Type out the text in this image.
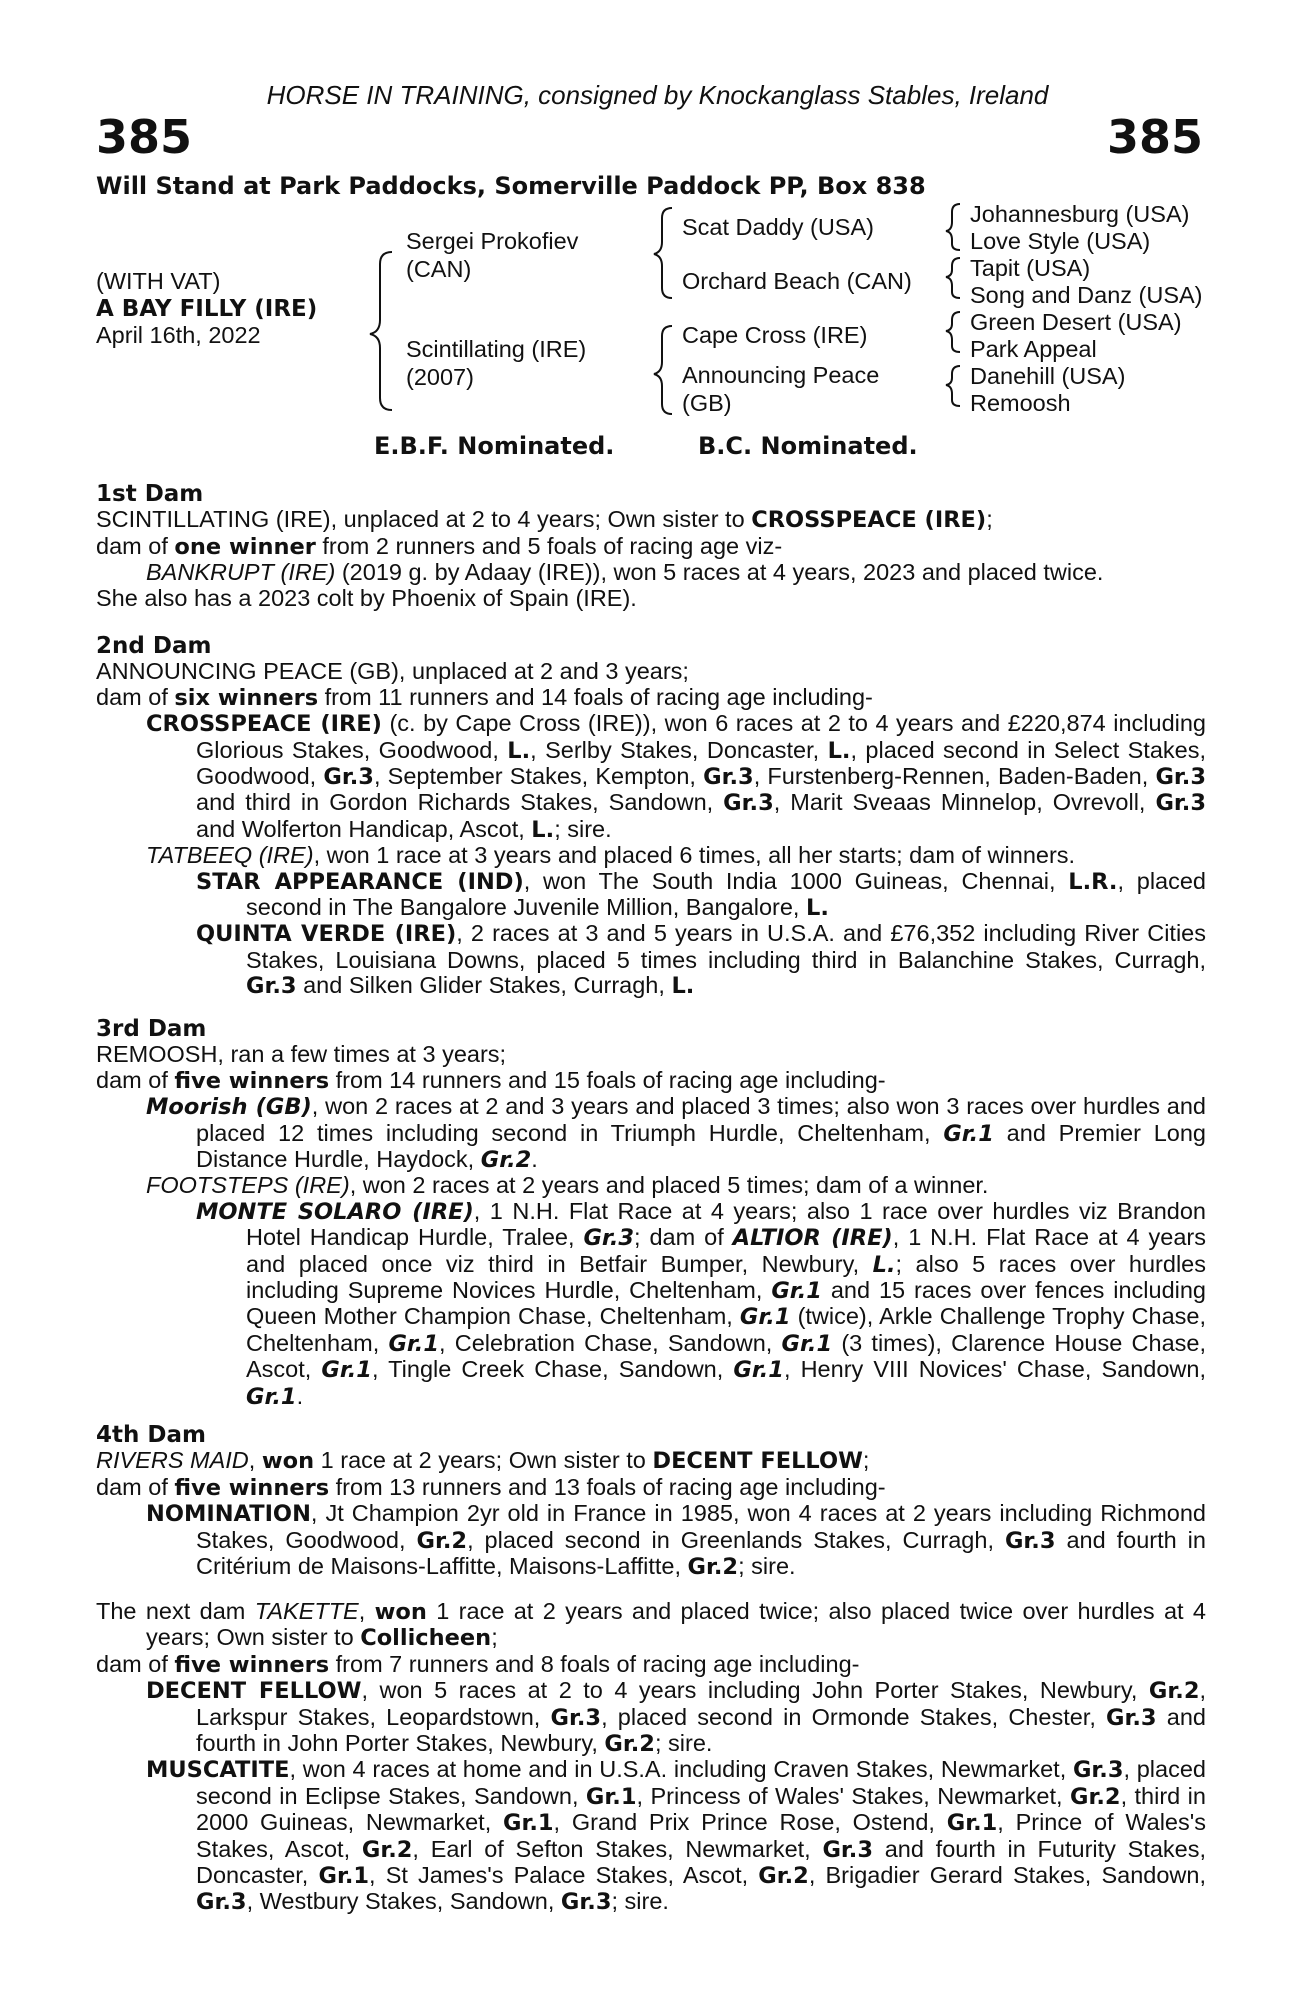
HORSE IN TRAINING, consigned by Knockanglass Stables, Ireland
385	385
Will Stand at Park Paddocks, Somerville Paddock PP, Box 838
(WITH VAT)
A BAY FILLY (IRE)
April 16th, 2022
Sergei Prokofiev
(CAN)
Scintillating (IRE)
(2007)
Scat Daddy (USA)
Orchard Beach (CAN)
Cape Cross (IRE)
Announcing Peace
(GB)
Johannesburg (USA)
Love Style (USA)
Tapit (USA)
Song and Danz (USA)
Green Desert (USA)
Park Appeal
Danehill (USA)
Remoosh
E.B.F. Nominated.	B.C. Nominated.

1st Dam

SCINTILLATING (IRE), unplaced at 2 to 4 years; Own sister to CROSSPEACE (IRE);

dam of one winner from 2 runners and 5 foals of racing age viz-

BANKRUPT (IRE) (2019 g. by Adaay (IRE)), won 5 races at 4 years, 2023 and placed twice.

She also has a 2023 colt by Phoenix of Spain (IRE).

2nd Dam

ANNOUNCING PEACE (GB), unplaced at 2 and 3 years;

dam of six winners from 11 runners and 14 foals of racing age including-

CROSSPEACE (IRE) (c. by Cape Cross (IRE)), won 6 races at 2 to 4 years and £220,874 including Glorious Stakes, Goodwood, L., Serlby Stakes, Doncaster, L., placed second in Select Stakes, Goodwood, Gr.3, September Stakes, Kempton, Gr.3, Furstenberg-Rennen, Baden-Baden, Gr.3 and third in Gordon Richards Stakes, Sandown, Gr.3, Marit Sveaas Minnelop, Ovrevoll, Gr.3 and Wolferton Handicap, Ascot, L.; sire.

TATBEEQ (IRE), won 1 race at 3 years and placed 6 times, all her starts; dam of winners.

STAR APPEARANCE (IND), won The South India 1000 Guineas, Chennai, L.R., placed second in The Bangalore Juvenile Million, Bangalore, L.

QUINTA VERDE (IRE), 2 races at 3 and 5 years in U.S.A. and £76,352 including River Cities Stakes, Louisiana Downs, placed 5 times including third in Balanchine Stakes, Curragh, Gr.3 and Silken Glider Stakes, Curragh, L.

3rd Dam

REMOOSH, ran a few times at 3 years;

dam of five winners from 14 runners and 15 foals of racing age including-

Moorish (GB), won 2 races at 2 and 3 years and placed 3 times; also won 3 races over hurdles and placed 12 times including second in Triumph Hurdle, Cheltenham, Gr.1 and Premier Long Distance Hurdle, Haydock, Gr.2.

FOOTSTEPS (IRE), won 2 races at 2 years and placed 5 times; dam of a winner.

MONTE SOLARO (IRE), 1 N.H. Flat Race at 4 years; also 1 race over hurdles viz Brandon Hotel Handicap Hurdle, Tralee, Gr.3; dam of ALTIOR (IRE), 1 N.H. Flat Race at 4 years and placed once viz third in Betfair Bumper, Newbury, L.; also 5 races over hurdles including Supreme Novices Hurdle, Cheltenham, Gr.1 and 15 races over fences including Queen Mother Champion Chase, Cheltenham, Gr.1 (twice), Arkle Challenge Trophy Chase, Cheltenham, Gr.1, Celebration Chase, Sandown, Gr.1 (3 times), Clarence House Chase, Ascot, Gr.1, Tingle Creek Chase, Sandown, Gr.1, Henry VIII Novices' Chase, Sandown, Gr.1.

4th Dam

RIVERS MAID, won 1 race at 2 years; Own sister to DECENT FELLOW;

dam of five winners from 13 runners and 13 foals of racing age including-

NOMINATION, Jt Champion 2yr old in France in 1985, won 4 races at 2 years including Richmond Stakes, Goodwood, Gr.2, placed second in Greenlands Stakes, Curragh, Gr.3 and fourth in Critérium de Maisons-Laffitte, Maisons-Laffitte, Gr.2; sire.

The next dam TAKETTE, won 1 race at 2 years and placed twice; also placed twice over hurdles at 4 years; Own sister to Collicheen;

dam of five winners from 7 runners and 8 foals of racing age including-

DECENT FELLOW, won 5 races at 2 to 4 years including John Porter Stakes, Newbury, Gr.2, Larkspur Stakes, Leopardstown, Gr.3, placed second in Ormonde Stakes, Chester, Gr.3 and fourth in John Porter Stakes, Newbury, Gr.2; sire.

MUSCATITE, won 4 races at home and in U.S.A. including Craven Stakes, Newmarket, Gr.3, placed second in Eclipse Stakes, Sandown, Gr.1, Princess of Wales' Stakes, Newmarket, Gr.2, third in 2000 Guineas, Newmarket, Gr.1, Grand Prix Prince Rose, Ostend, Gr.1, Prince of Wales's Stakes, Ascot, Gr.2, Earl of Sefton Stakes, Newmarket, Gr.3 and fourth in Futurity Stakes, Doncaster, Gr.1, St James's Palace Stakes, Ascot, Gr.2, Brigadier Gerard Stakes, Sandown, Gr.3, Westbury Stakes, Sandown, Gr.3; sire.
